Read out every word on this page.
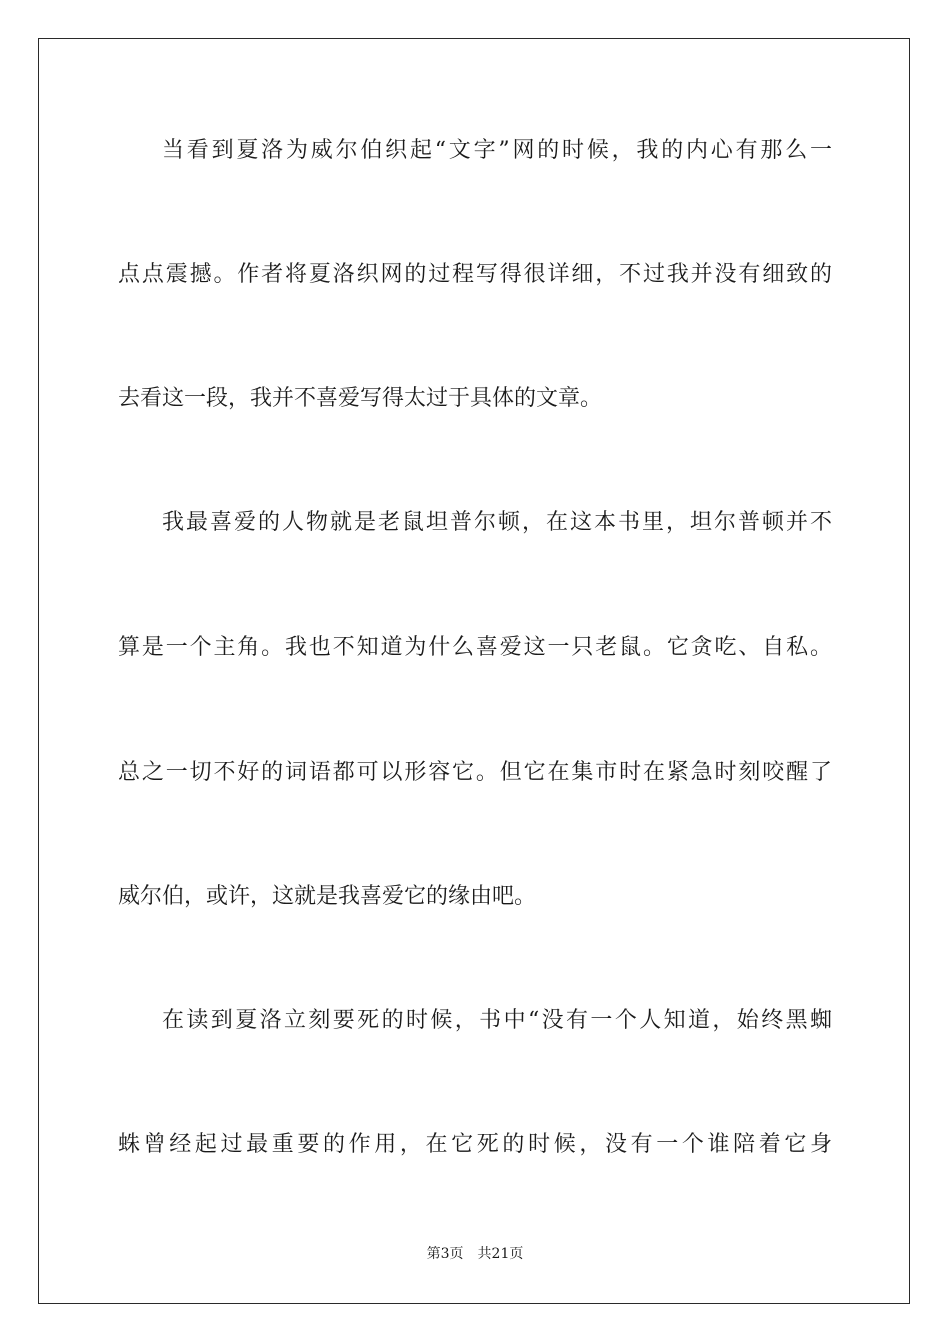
当看到夏洛为威尔伯织起“文字”网的时候，我的内心有那么一
点点震撼。作者将夏洛织网的过程写得很详细，不过我并没有细致的
去看这一段，我并不喜爱写得太过于具体的文章。
我最喜爱的人物就是老鼠坦普尔顿，在这本书里，坦尔普顿并不
算是一个主角。我也不知道为什么喜爱这一只老鼠。它贪吃、自私。
总之一切不好的词语都可以形容它。但它在集市时在紧急时刻咬醒了
威尔伯，或许，这就是我喜爱它的缘由吧。
在读到夏洛立刻要死的时候，书中“没有一个人知道，始终黑蜘
蛛曾经起过最重要的作用，在它死的时候，没有一个谁陪着它身
第3页 共21页
